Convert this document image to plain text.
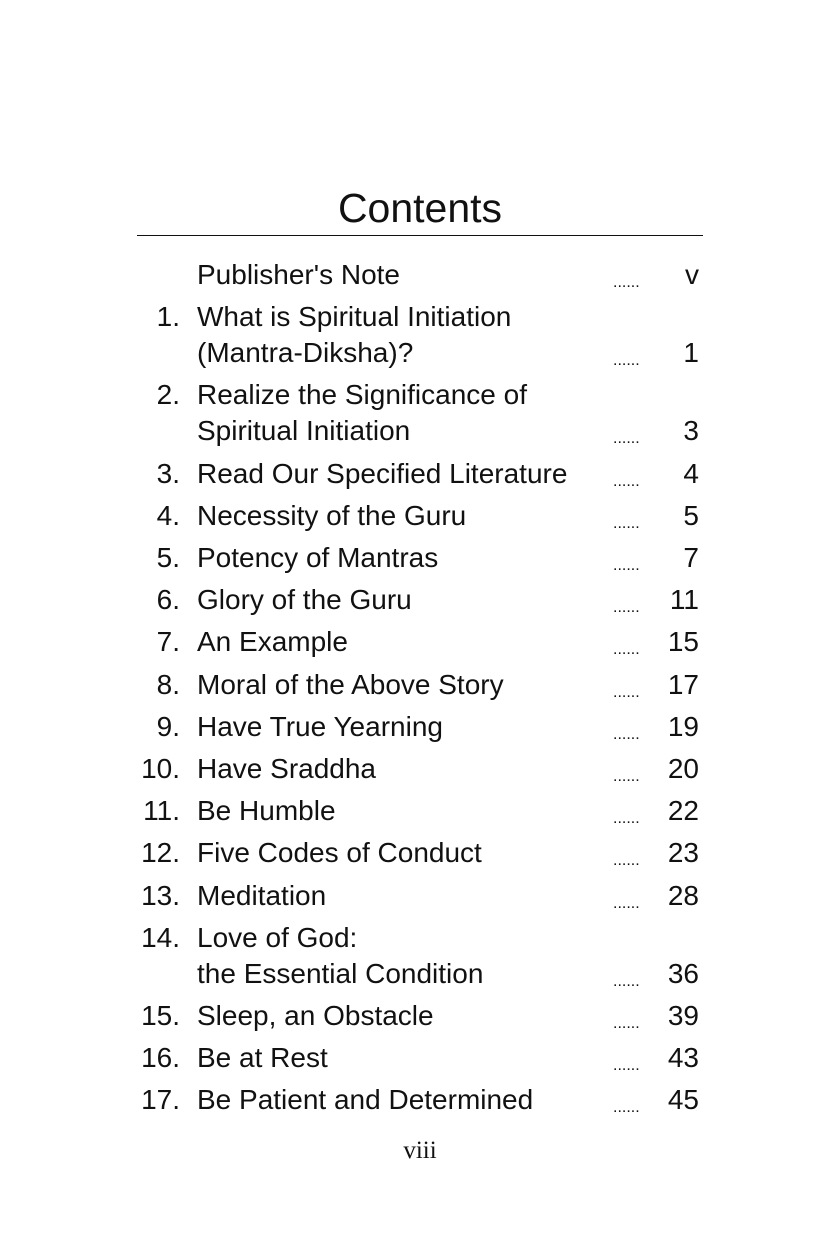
Contents
Publisher's Note	......	v
1. What is Spiritual Initiation
(Mantra-Diksha)?	......	1
2. Realize the Significance of
Spiritual Initiation	......	3
3. Read Our Specified Literature	......	4
4. Necessity of the Guru	......	5
5. Potency of Mantras	......	7
6. Glory of the Guru	......	11
7. An Example	......	15
8. Moral of the Above Story	......	17
9. Have True Yearning	......	19
10. Have Sraddha	......	20
11. Be Humble	......	22
12. Five Codes of Conduct	......	23
13. Meditation	......	28
14. Love of God:
the Essential Condition	......	36
15. Sleep, an Obstacle	......	39
16. Be at Rest	......	43
17. Be Patient and Determined	......	45
viii
